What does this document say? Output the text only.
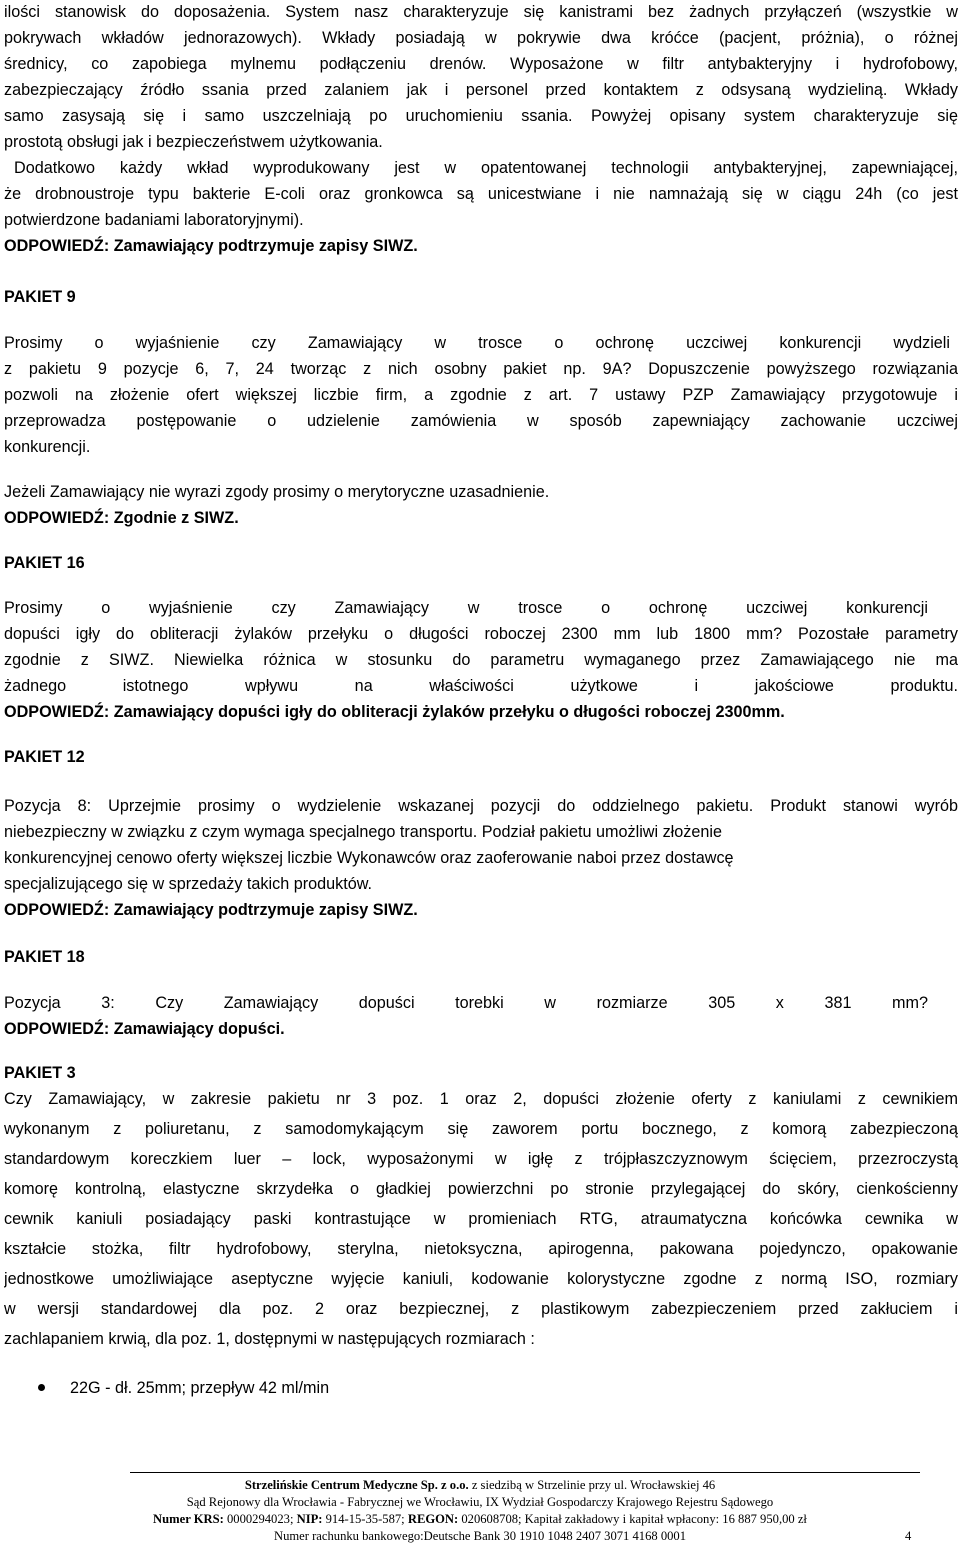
ilości stanowisk do doposażenia. System nasz charakteryzuje się kanistrami bez żadnych przyłączeń (wszystkie w
pokrywach wkładów jednorazowych). Wkłady posiadają w pokrywie dwa króćce (pacjent, próżnia), o różnej
średnicy, co zapobiega mylnemu podłączeniu drenów. Wyposażone w filtr antybakteryjny i hydrofobowy,
zabezpieczający źródło ssania przed zalaniem jak i personel przed kontaktem z odsysaną wydzieliną. Wkłady
samo zasysają się i samo uszczelniają po uruchomieniu ssania. Powyżej opisany system charakteryzuje się
prostotą obsługi jak i bezpieczeństwem użytkowania.
Dodatkowo każdy wkład wyprodukowany jest w opatentowanej technologii antybakteryjnej, zapewniającej,
że drobnoustroje typu bakterie E-coli oraz gronkowca są unicestwiane i nie namnażają się w ciągu 24h (co jest
potwierdzone badaniami laboratoryjnymi).
ODPOWIEDŹ: Zamawiający podtrzymuje zapisy SIWZ.
PAKIET 9
Prosimy o wyjaśnienie czy Zamawiający w trosce o ochronę uczciwej konkurencji wydzieli
z pakietu 9 pozycje 6, 7, 24 tworząc z nich osobny pakiet np. 9A? Dopuszczenie powyższego rozwiązania
pozwoli na złożenie ofert większej liczbie firm, a zgodnie z art. 7 ustawy PZP Zamawiający przygotowuje i
przeprowadza postępowanie o udzielenie zamówienia w sposób zapewniający zachowanie uczciwej
konkurencji.
Jeżeli Zamawiający nie wyrazi zgody prosimy o merytoryczne uzasadnienie.
ODPOWIEDŹ: Zgodnie z SIWZ.
PAKIET 16
Prosimy o wyjaśnienie czy Zamawiający w trosce o ochronę uczciwej konkurencji
dopuści igły do obliteracji żylaków przełyku o długości roboczej 2300 mm lub 1800 mm? Pozostałe parametry
zgodnie z SIWZ. Niewielka różnica w stosunku do parametru wymaganego przez Zamawiającego nie ma
żadnego istotnego wpływu na właściwości użytkowe i jakościowe produktu.
ODPOWIEDŹ: Zamawiający dopuści igły do obliteracji żylaków przełyku o długości roboczej 2300mm.
PAKIET 12
Pozycja 8: Uprzejmie prosimy o wydzielenie wskazanej pozycji do oddzielnego pakietu. Produkt stanowi wyrób
niebezpieczny w związku z czym wymaga specjalnego transportu. Podział pakietu umożliwi złożenie
konkurencyjnej cenowo oferty większej liczbie Wykonawców oraz zaoferowanie naboi przez dostawcę
specjalizującego się w sprzedaży takich produktów.
ODPOWIEDŹ: Zamawiający podtrzymuje zapisy SIWZ.
PAKIET 18
Pozycja 3: Czy Zamawiający dopuści torebki w rozmiarze 305 x 381 mm?
ODPOWIEDŹ: Zamawiający dopuści.
PAKIET 3
Czy Zamawiający, w zakresie pakietu nr 3 poz. 1 oraz 2, dopuści złożenie oferty z kaniulami z cewnikiem
wykonanym z poliuretanu, z samodomykającym się zaworem portu bocznego, z komorą zabezpieczoną
standardowym koreczkiem luer – lock, wyposażonymi w igłę z trójpłaszczyznowym ścięciem, przezroczystą
komorę kontrolną, elastyczne skrzydełka o gładkiej powierzchni po stronie przylegającej do skóry, cienkościenny
cewnik kaniuli posiadający paski kontrastujące w promieniach RTG, atraumatyczna końcówka cewnika w
kształcie stożka, filtr hydrofobowy, sterylna, nietoksyczna, apirogenna, pakowana pojedynczo, opakowanie
jednostkowe umożliwiające aseptyczne wyjęcie kaniuli, kodowanie kolorystyczne zgodne z normą ISO, rozmiary
w wersji standardowej dla poz. 2 oraz bezpiecznej, z plastikowym zabezpieczeniem przed zakłuciem i
zachlapaniem krwią, dla poz. 1, dostępnymi w następujących rozmiarach :
22G - dł. 25mm; przepływ 42 ml/min
Strzelińskie Centrum Medyczne Sp. z o.o. z siedzibą w Strzelinie przy ul. Wrocławskiej 46
Sąd Rejonowy dla Wrocławia - Fabrycznej we Wrocławiu, IX Wydział Gospodarczy Krajowego Rejestru Sądowego
Numer KRS: 0000294023; NIP: 914-15-35-587; REGON: 020608708; Kapitał zakładowy i kapitał wpłacony: 16 887 950,00 zł
Numer rachunku bankowego:Deutsche Bank 30 1910 1048 2407 3071 4168 0001	4
